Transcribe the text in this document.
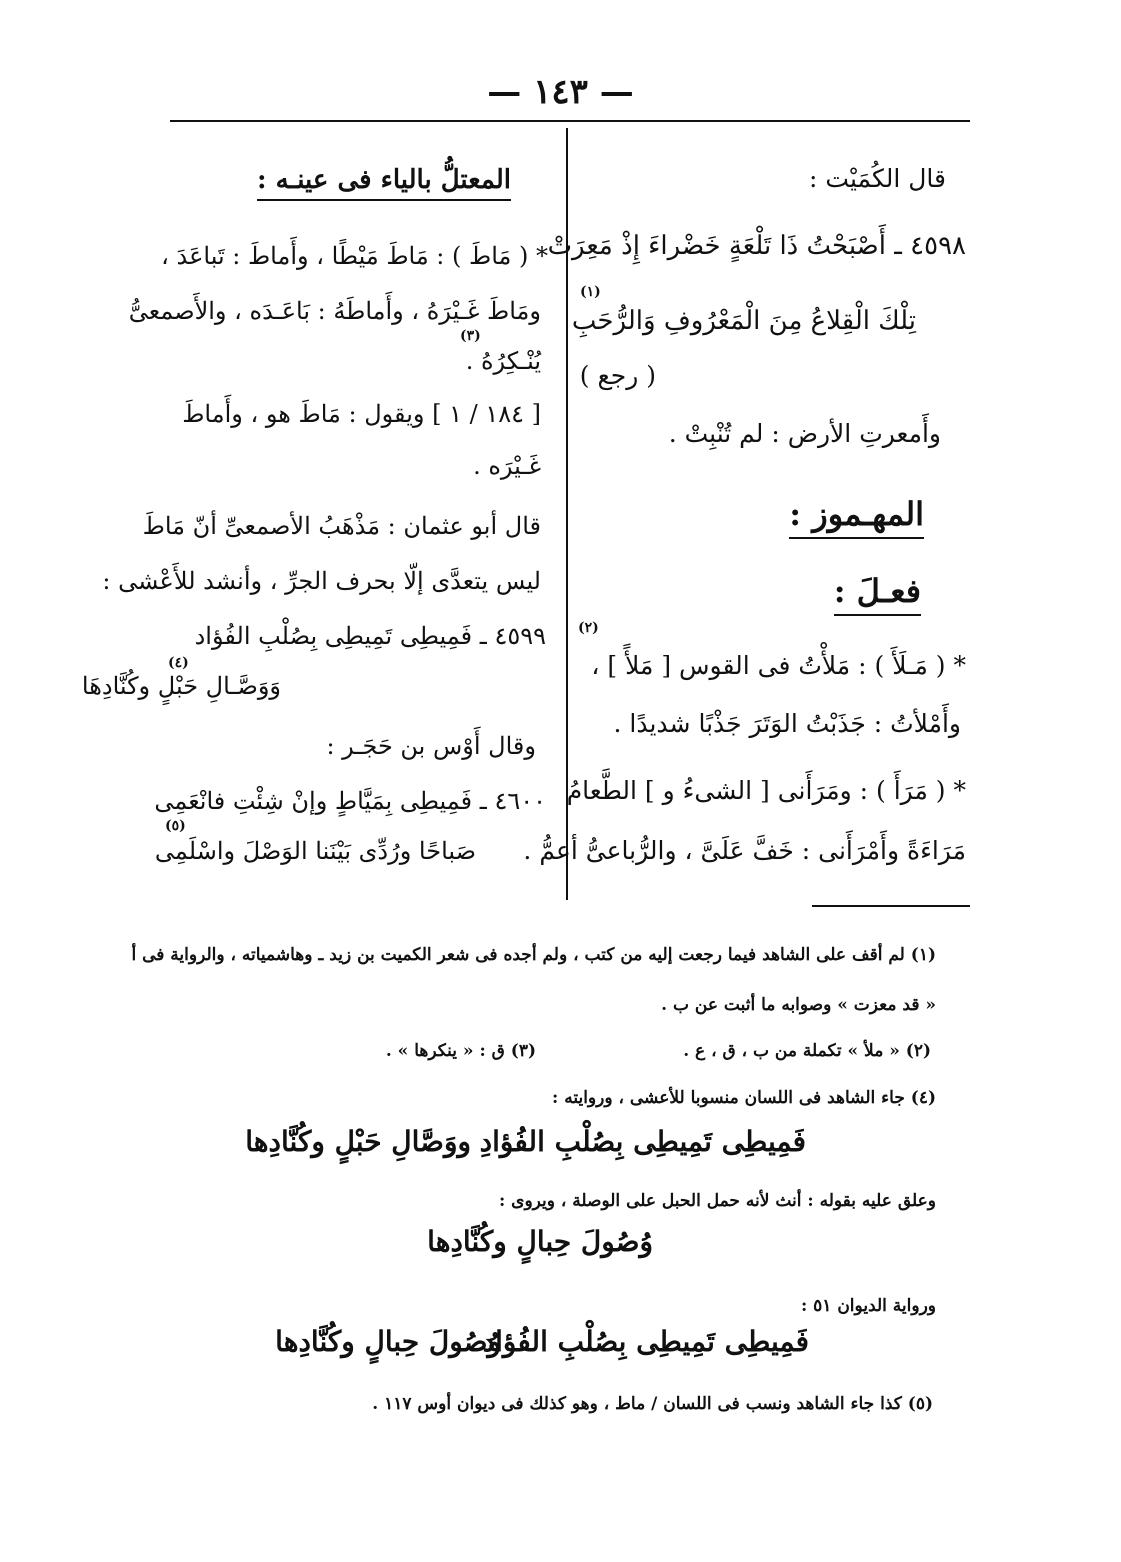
— ١٤٣ —
قال الكُمَيْت :
٤٥٩٨ ـ أَصْبَحْتُ ذَا تَلْعَةٍ خَضْراءَ إِذْ مَعِرَتْ
(١)
تِلْكَ الْقِلاعُ مِنَ الْمَعْرُوفِ وَالرُّحَبِ
( رجع )
وأَمعرتِ الأرض : لم تُنْبِتْ .
المهـموز :
فعـلَ :
(٢)
* ( مَـلَأَ ) : مَلأْتُ فى القوس [ مَلأً ] ،
وأَمْلأتُ : جَذَبْتُ الوَتَرَ جَذْبًا شديدًا .
* ( مَرَأَ ) : ومَرَأَنى [ الشىءُ و ] الطَّعامُ
مَرَاءَةً وأَمْرَأَنى : خَفَّ عَلَىَّ ، والرُّباعىُّ أعمُّ .
المعتلُّ بالياء فى عينـه :
* ( مَاطَ ) : مَاطَ مَيْطًا ، وأَماطَ : تَباعَدَ ،
ومَاطَ غَـيْرَهُ ، وأَماطَهُ : بَاعَـدَه ، والأَصمعىُّ
(٣)
يُنْـكِرُهُ .
[ ١٨٤ / ١ ] ويقول : مَاطَ هو ، وأَماطَ
غَـيْرَه .
قال أبو عثمان : مَذْهَبُ الأصمعىِّ أنّ مَاطَ
ليس يتعدَّى إلّا بحرف الجرِّ ، وأنشد للأَعْشى :
٤٥٩٩ ـ فَمِيطِى تَمِيطِى بِصُلْبِ الفُؤاد
(٤)
وَوَصَّـالِ حَبْلٍ وكُنَّادِهَا
وقال أَوْس بن حَجَـر :
٤٦٠٠ ـ فَمِيطِى بِمَيَّاطٍ وإنْ شِئْتِ فانْعَمِى
(٥)
صَباحًا ورُدِّى بَيْنَنا الوَصْلَ واسْلَمِى
(١) لم أقف على الشاهد فيما رجعت إليه من كتب ، ولم أجده فى شعر الكميت بن زيد ـ وهاشمياته ، والرواية فى أ
« قد معزت » وصوابه ما أثبت عن ب .
(٢) « ملأ » تكملة من ب ، ق ، ع .
(٣) ق : « ينكرها » .
(٤) جاء الشاهد فى اللسان منسوبا للأعشى ، وروايته :
فَمِيطِى تَمِيطِى بِصُلْبِ الفُؤادِ
ووَصَّالِ حَبْلٍ وكُنَّادِها
وعلق عليه بقوله : أنث لأنه حمل الحبل على الوصلة ، ويروى :
وُصُولَ حِبالٍ وكُنَّادِها
ورواية الديوان ٥١ :
فَمِيطِى تَمِيطِى بِصُلْبِ الفُؤاد
وُصُولَ حِبالٍ وكُنَّادِها
(٥) كذا جاء الشاهد ونسب فى اللسان / ماط ، وهو كذلك فى ديوان أوس ١١٧ .
